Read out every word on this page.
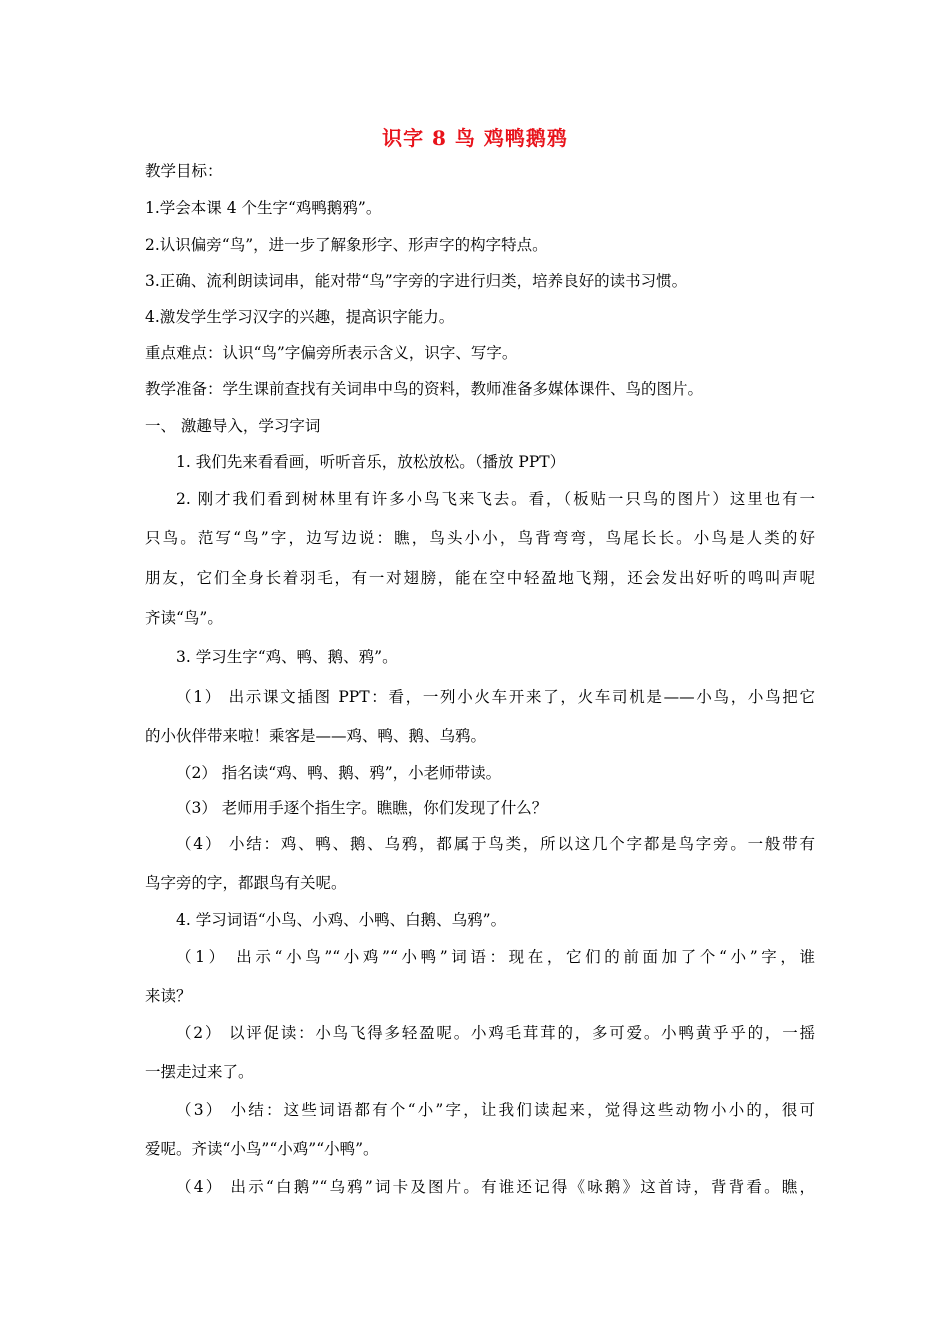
识字 8 鸟 鸡鸭鹅鸦
教学目标：
1.学会本课 4 个生字“鸡鸭鹅鸦”。
2.认识偏旁“鸟”，进一步了解象形字、形声字的构字特点。
3.正确、流利朗读词串，能对带“鸟”字旁的字进行归类，培养良好的读书习惯。
4.激发学生学习汉字的兴趣，提高识字能力。
重点难点：认识“鸟”字偏旁所表示含义，识字、写字。
教学准备：学生课前查找有关词串中鸟的资料，教师准备多媒体课件、鸟的图片。
一、 激趣导入，学习字词
1. 我们先来看看画，听听音乐，放松放松。（播放 PPT）
2. 刚才我们看到树林里有许多小鸟飞来飞去。看，（板贴一只鸟的图片）这里也有一
只鸟。范写“鸟”字，边写边说：瞧，鸟头小小，鸟背弯弯，鸟尾长长。小鸟是人类的好
朋友，它们全身长着羽毛，有一对翅膀，能在空中轻盈地飞翔，还会发出好听的鸣叫声呢
齐读“鸟”。
3. 学习生字“鸡、鸭、鹅、鸦”。
（1） 出示课文插图 PPT：看，一列小火车开来了，火车司机是——小鸟，小鸟把它
的小伙伴带来啦！乘客是——鸡、鸭、鹅、乌鸦。
（2） 指名读“鸡、鸭、鹅、鸦”，小老师带读。
（3） 老师用手逐个指生字。瞧瞧，你们发现了什么？
（4） 小结：鸡、鸭、鹅、乌鸦，都属于鸟类，所以这几个字都是鸟字旁。一般带有
鸟字旁的字，都跟鸟有关呢。
4. 学习词语“小鸟、小鸡、小鸭、白鹅、乌鸦”。
（1） 出示“小鸟”“小鸡”“小鸭”词语：现在，它们的前面加了个“小”字，谁
来读？
（2） 以评促读：小鸟飞得多轻盈呢。小鸡毛茸茸的，多可爱。小鸭黄乎乎的，一摇
一摆走过来了。
（3） 小结：这些词语都有个“小”字，让我们读起来，觉得这些动物小小的，很可
爱呢。齐读“小鸟”“小鸡”“小鸭”。
（4） 出示“白鹅”“乌鸦”词卡及图片。有谁还记得《咏鹅》这首诗，背背看。瞧，
